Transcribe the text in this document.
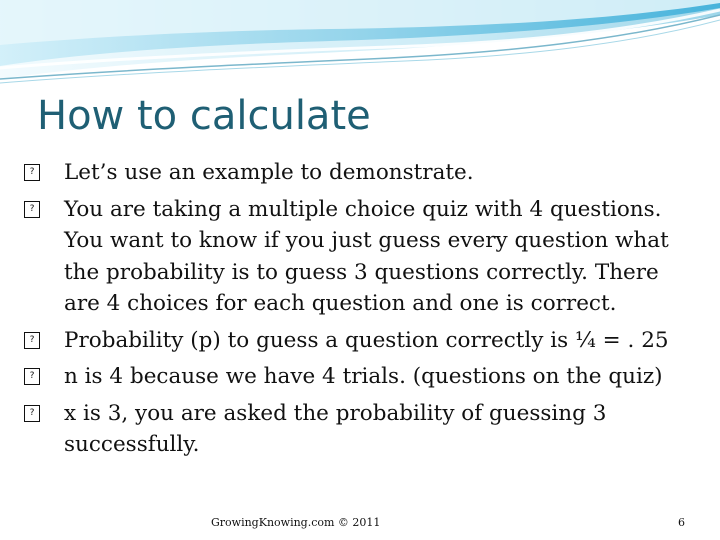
How to calculate
? Let’s use an example to demonstrate.
? You are taking a multiple choice quiz with 4 questions. You want to know if you just guess every question what the probability is to guess 3 questions correctly. There are 4 choices for each question and one is correct.
? Probability (p) to guess a question correctly is ¼ = . 25
? n is 4 because we have 4 trials. (questions on the quiz)
? x is 3, you are asked the probability of guessing 3 successfully.
GrowingKnowing.com © 2011	6
